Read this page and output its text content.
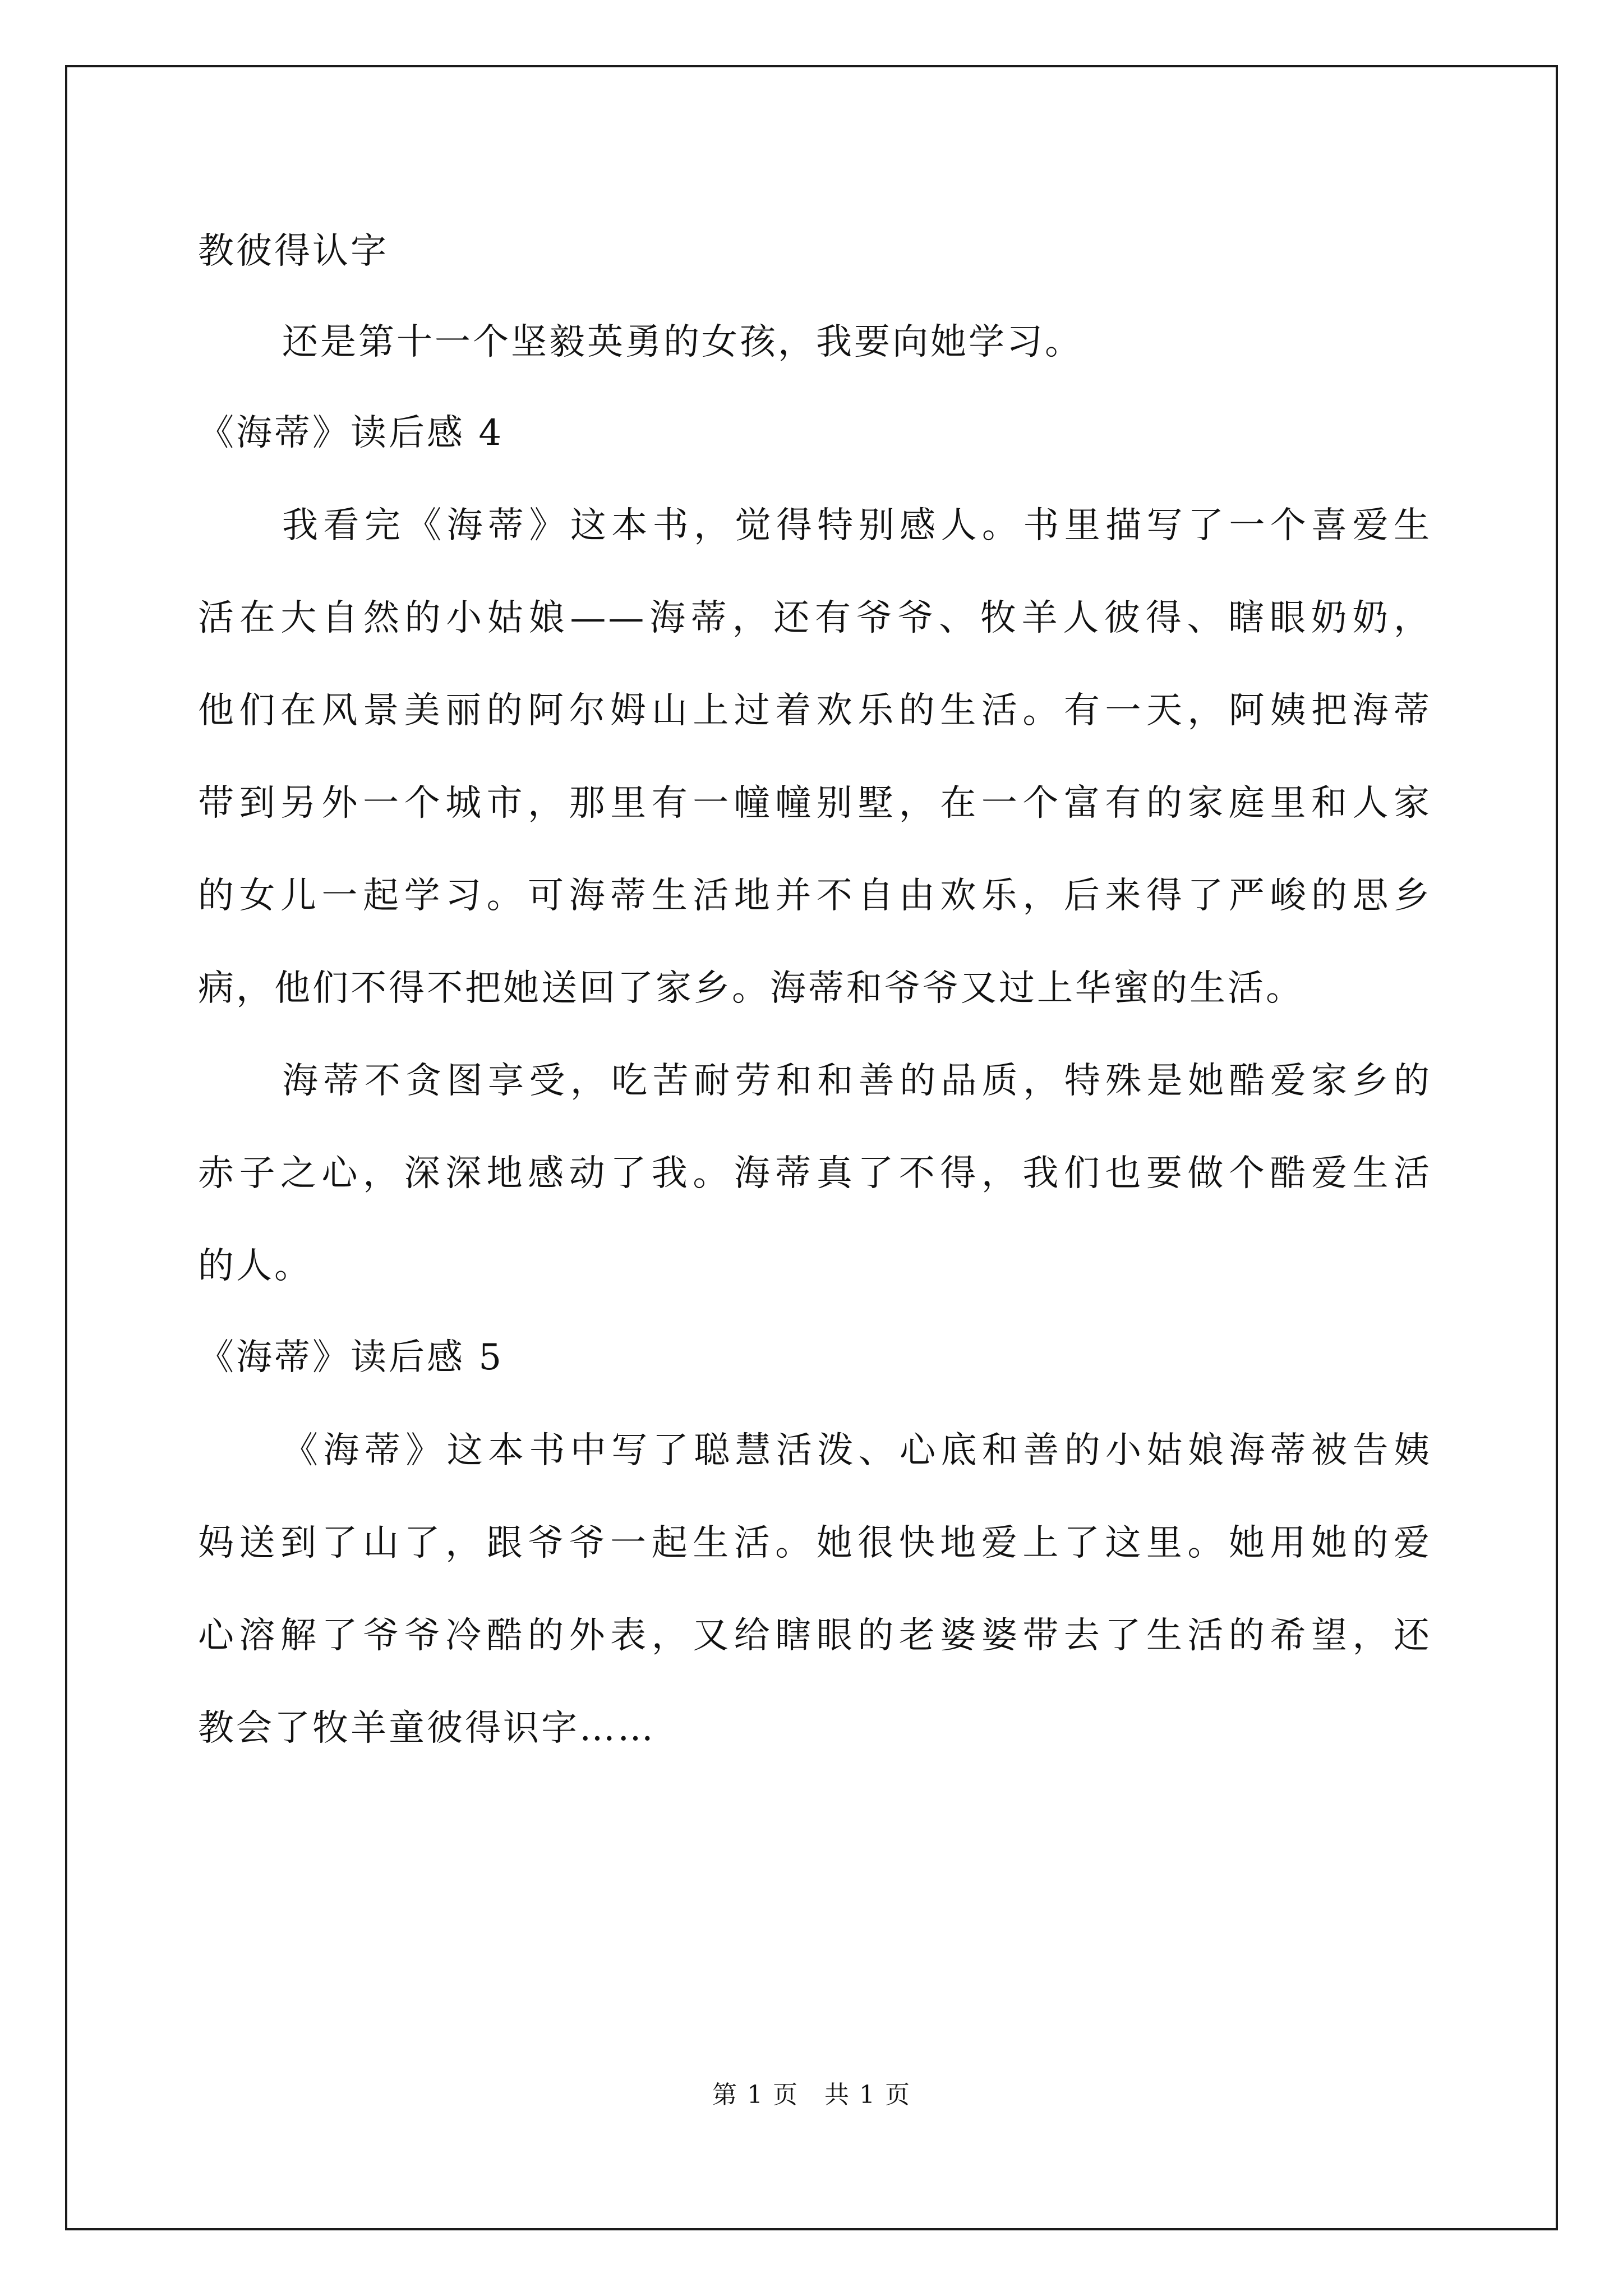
教彼得认字
还是第十一个坚毅英勇的女孩，我要向她学习。
《海蒂》读后感 4
我看完《海蒂》这本书，觉得特别感人。书里描写了一个喜爱生
活在大自然的小姑娘——海蒂，还有爷爷、牧羊人彼得、瞎眼奶奶，
他们在风景美丽的阿尔姆山上过着欢乐的生活。有一天，阿姨把海蒂
带到另外一个城市，那里有一幢幢别墅，在一个富有的家庭里和人家
的女儿一起学习。可海蒂生活地并不自由欢乐，后来得了严峻的思乡
病，他们不得不把她送回了家乡。海蒂和爷爷又过上华蜜的生活。
海蒂不贪图享受，吃苦耐劳和和善的品质，特殊是她酷爱家乡的
赤子之心，深深地感动了我。海蒂真了不得，我们也要做个酷爱生活
的人。
《海蒂》读后感 5
《海蒂》这本书中写了聪慧活泼、心底和善的小姑娘海蒂被告姨
妈送到了山了，跟爷爷一起生活。她很快地爱上了这里。她用她的爱
心溶解了爷爷冷酷的外表，又给瞎眼的老婆婆带去了生活的希望，还
教会了牧羊童彼得识字……
第 1 页　共 1 页
